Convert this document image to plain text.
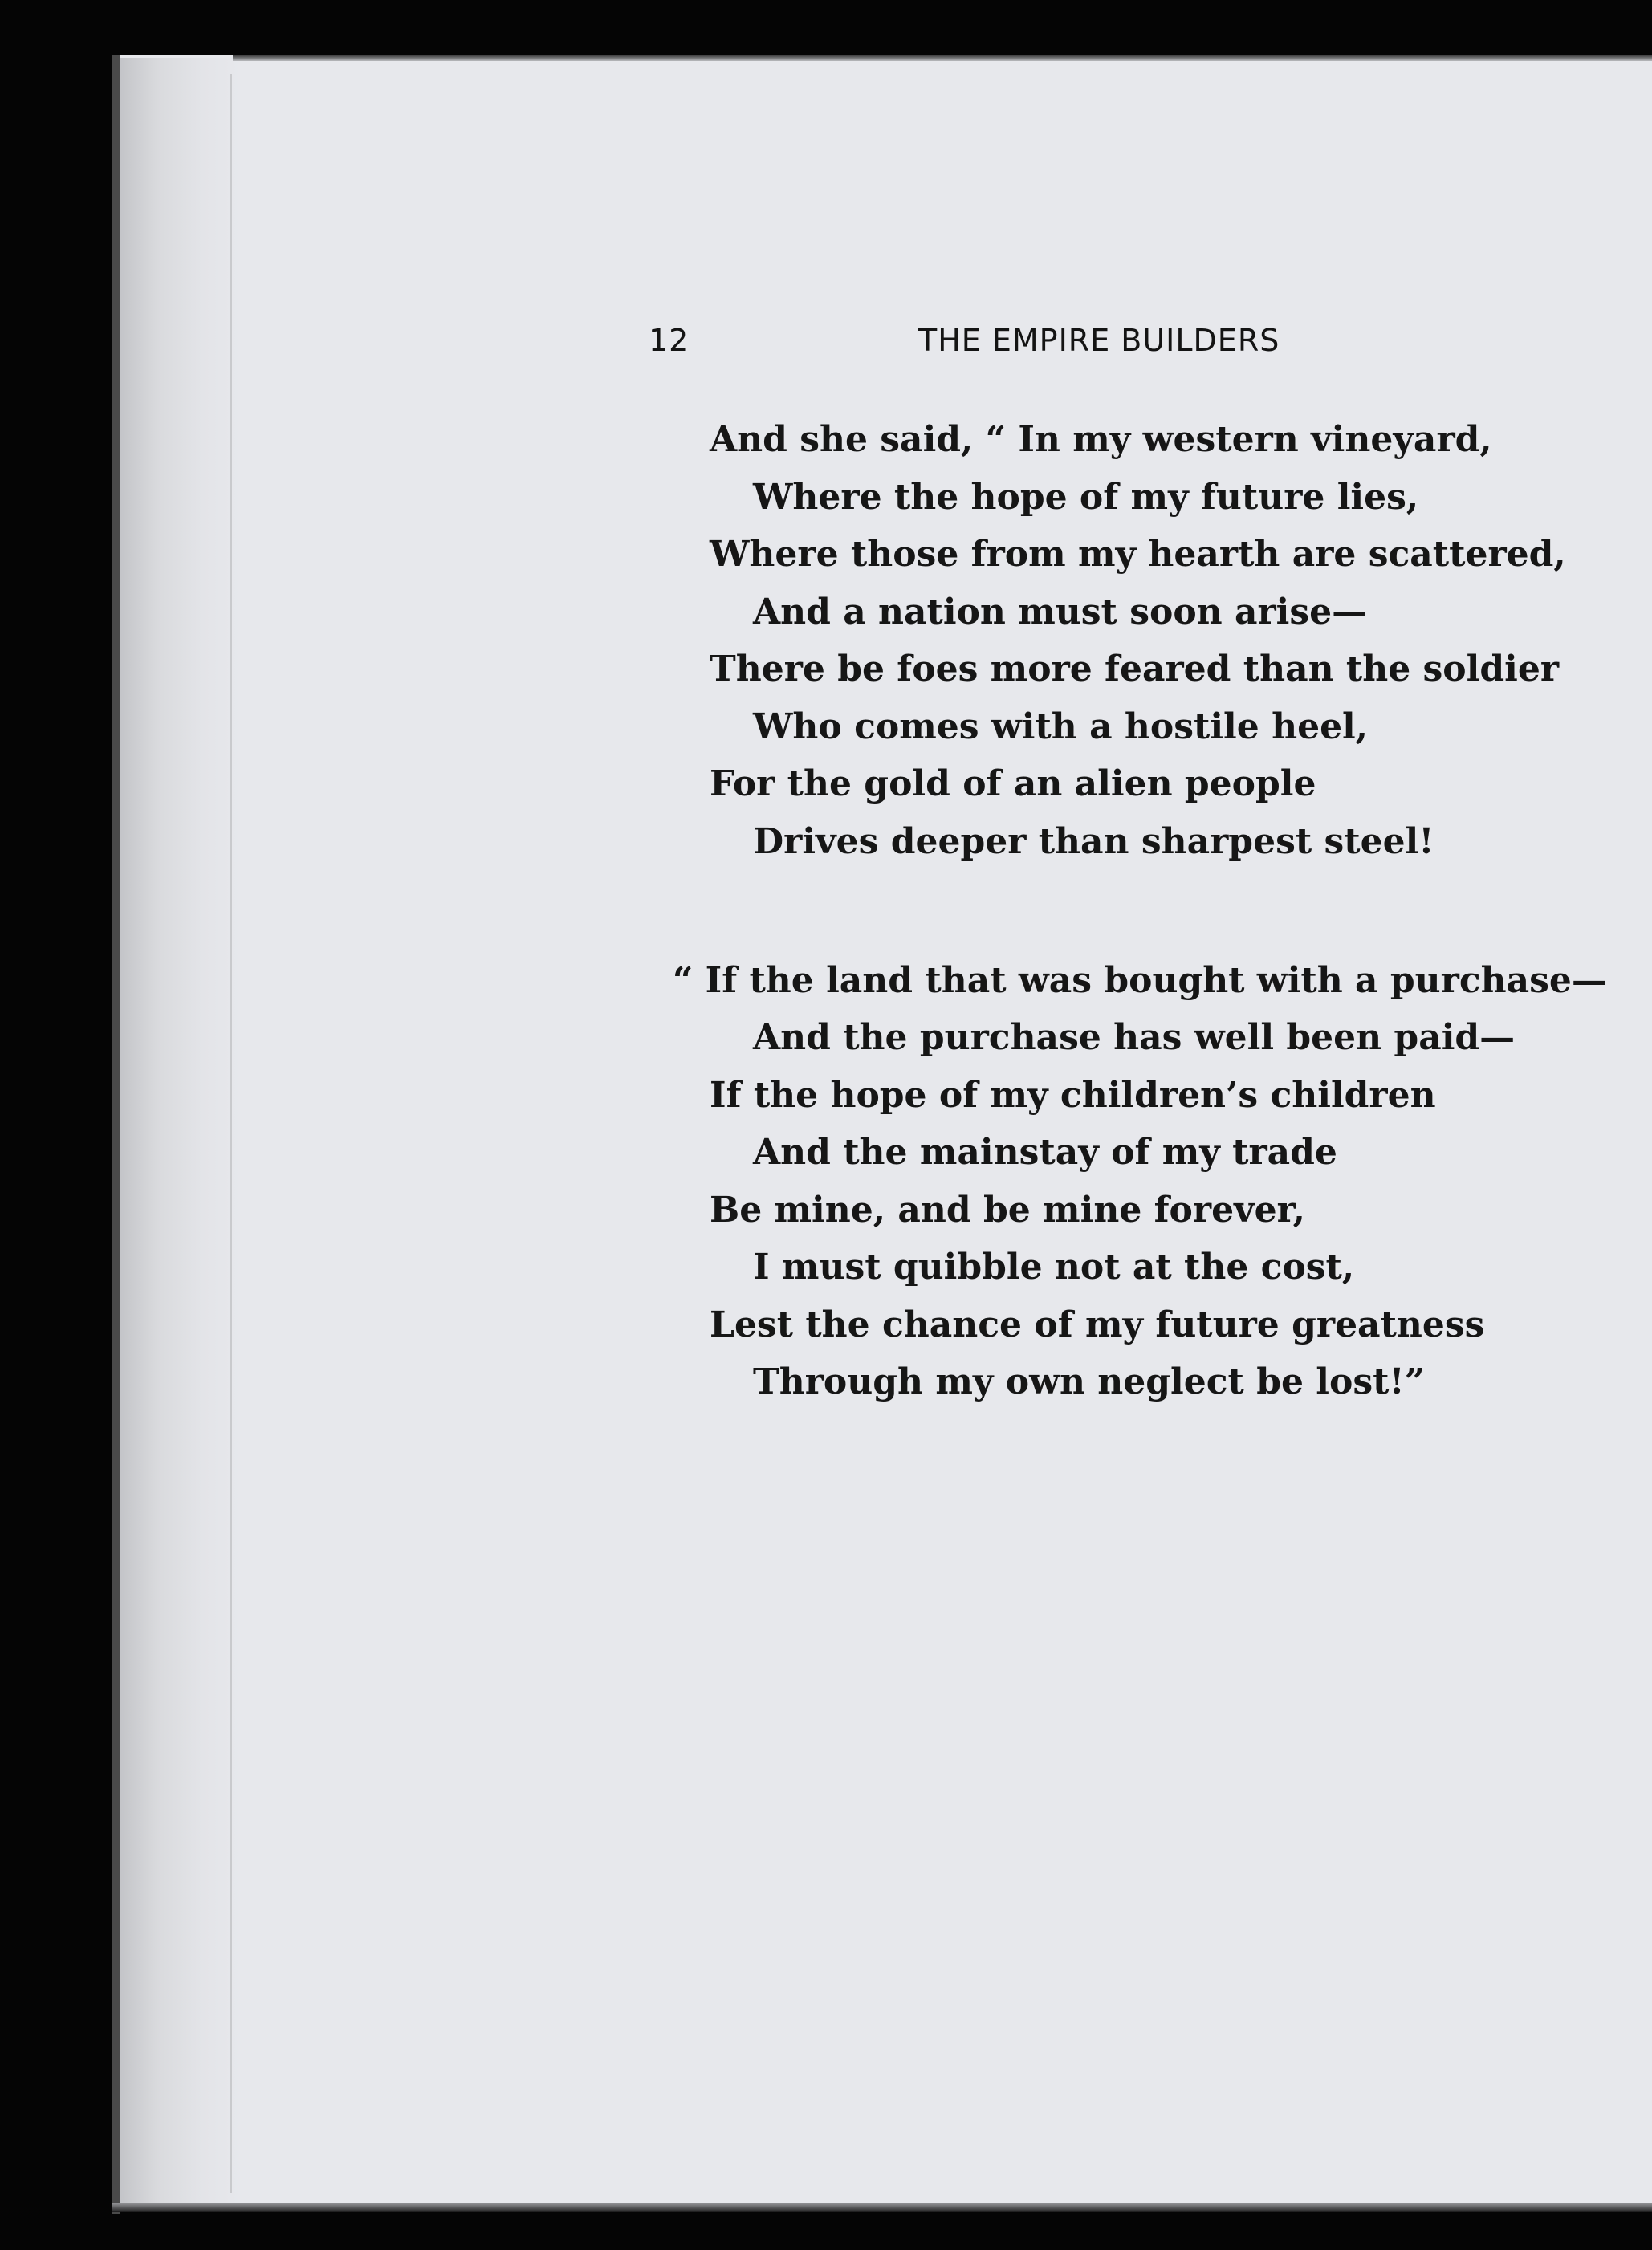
12	THE EMPIRE BUILDERS
And she said, “ In my western vineyard,
Where the hope of my future lies,
Where those from my hearth are scattered,
And a nation must soon arise—
There be foes more feared than the soldier
Who comes with a hostile heel,
For the gold of an alien people
Drives deeper than sharpest steel!
“ If the land that was bought with a purchase—
And the purchase has well been paid—
If the hope of my children’s children
And the mainstay of my trade
Be mine, and be mine forever,
I must quibble not at the cost,
Lest the chance of my future greatness
Through my own neglect be lost!”
